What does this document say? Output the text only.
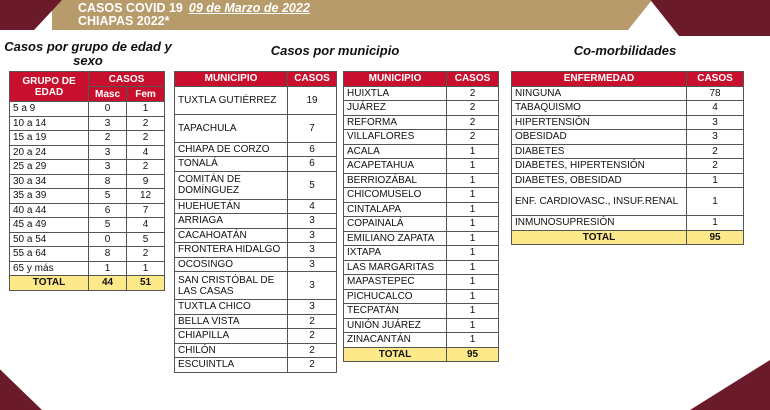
CASOS COVID 19 09 de Marzo de 2022
CHIAPAS 2022*
Casos por grupo de edad y sexo
Casos por municipio	Co-morbilidades
GRUPO DE EDAD	CASOS	
	Masc	Fem
5 a 9	0	1
10 a 14	3	2
15 a 19	2	2
20 a 24	3	4
25 a 29	3	2
30 a 34	8	9
35 a 39	5	12
40 a 44	6	7
45 a 49	5	4
50 a 54	0	5
55 a 64	8	2
65 y más	1	1
TOTAL	44	51
MUNICIPIO	CASOS
TUXTLA GUTIÉRREZ	19
TAPACHULA	7
CHIAPA DE CORZO	6
TONALÁ	6
COMITÁN DE DOMÍNGUEZ	5
HUEHUETÁN	4
ARRIAGA	3
CACAHOATÁN	3
FRONTERA HIDALGO	3
OCOSINGO	3
SAN CRISTÓBAL DE LAS CASAS	3
TUXTLA CHICO	3
BELLA VISTA	2
CHIAPILLA	2
CHILÓN	2
ESCUINTLA	2
MUNICIPIO	CASOS
HUIXTLA	2
JUÁREZ	2
REFORMA	2
VILLAFLORES	2
ACALA	1
ACAPETAHUA	1
BERRIOZÁBAL	1
CHICOMUSELO	1
CINTALAPA	1
COPAINALÁ	1
EMILIANO ZAPATA	1
IXTAPA	1
LAS MARGARITAS	1
MAPASTEPEC	1
PICHUCALCO	1
TECPATÁN	1
UNIÓN JUÁREZ	1
ZINACANTÁN	1
TOTAL	95
ENFERMEDAD	CASOS
NINGUNA	78
TABAQUISMO	4
HIPERTENSIÓN	3
OBESIDAD	3
DIABETES	2
DIABETES, HIPERTENSIÓN	2
DIABETES, OBESIDAD	1
ENF. CARDIOVASC., INSUF.RENAL	1
INMUNOSUPRESIÓN	1
TOTAL	95
